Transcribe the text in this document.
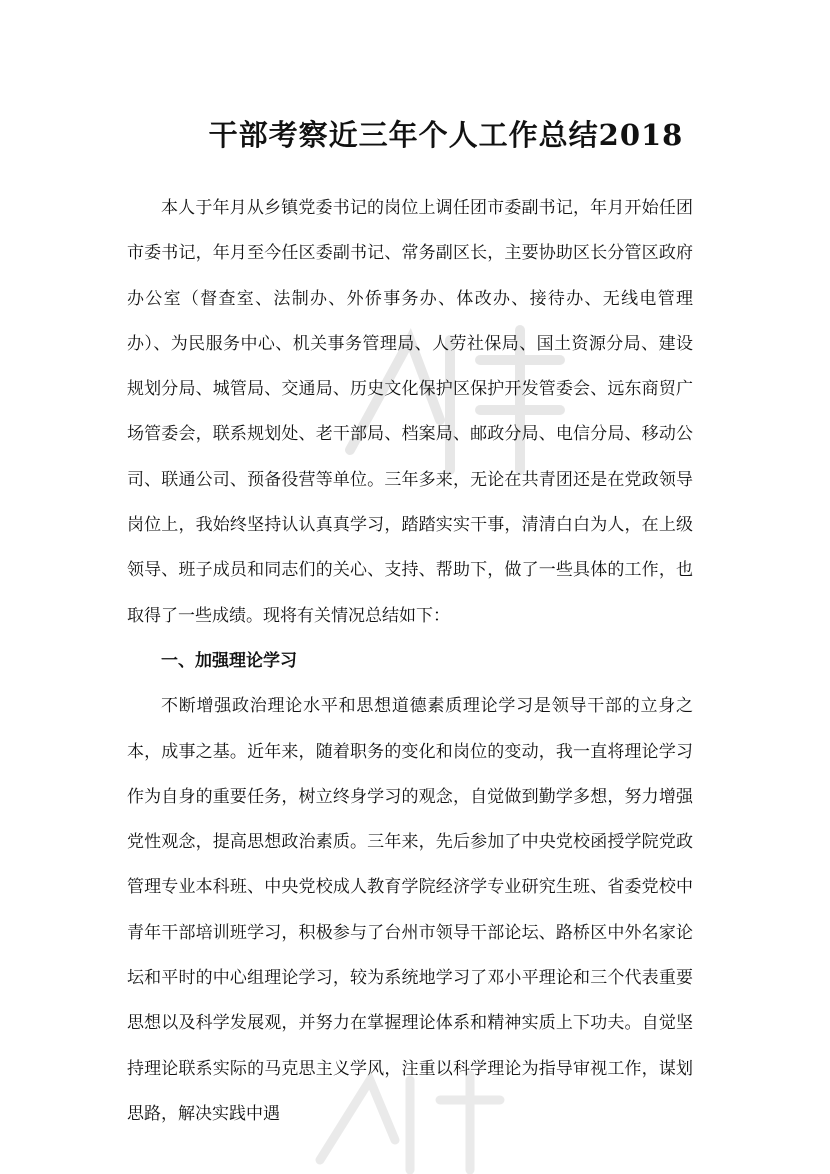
干部考察近三年个人工作总结2018

本人于年月从乡镇党委书记的岗位上调任团市委副书记，年月开始任团市委书记，年月至今任区委副书记、常务副区长，主要协助区长分管区政府办公室（督查室、法制办、外侨事务办、体改办、接待办、无线电管理办）、为民服务中心、机关事务管理局、人劳社保局、国土资源分局、建设规划分局、城管局、交通局、历史文化保护区保护开发管委会、远东商贸广场管委会，联系规划处、老干部局、档案局、邮政分局、电信分局、移动公司、联通公司、预备役营等单位。三年多来，无论在共青团还是在党政领导岗位上，我始终坚持认认真真学习，踏踏实实干事，清清白白为人，在上级领导、班子成员和同志们的关心、支持、帮助下，做了一些具体的工作，也取得了一些成绩。现将有关情况总结如下：

一、加强理论学习

不断增强政治理论水平和思想道德素质理论学习是领导干部的立身之本，成事之基。近年来，随着职务的变化和岗位的变动，我一直将理论学习作为自身的重要任务，树立终身学习的观念，自觉做到勤学多想，努力增强党性观念，提高思想政治素质。三年来，先后参加了中央党校函授学院党政管理专业本科班、中央党校成人教育学院经济学专业研究生班、省委党校中青年干部培训班学习，积极参与了台州市领导干部论坛、路桥区中外名家论坛和平时的中心组理论学习，较为系统地学习了邓小平理论和三个代表重要思想以及科学发展观，并努力在掌握理论体系和精神实质上下功夫。自觉坚持理论联系实际的马克思主义学风，注重以科学理论为指导审视工作，谋划思路，解决实践中遇
